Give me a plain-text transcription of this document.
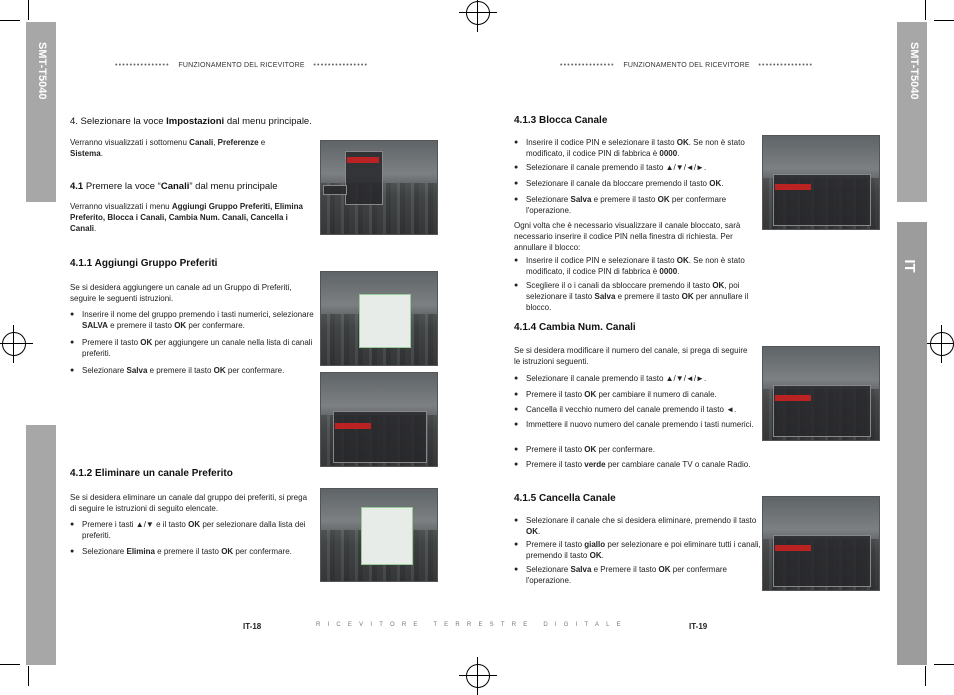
SMT-T5040
IT
••••••••••••••• FUNZIONAMENTO DEL RICEVITORE •••••••••••••••	••••••••••••••• FUNZIONAMENTO DEL RICEVITORE •••••••••••••••
4. Selezionare la voce Impostazioni dal menu principale.
Verranno visualizzati i sottomenu Canali, Preferenze e
Sistema.
4.1 Premere la voce “Canali” dal menu principale
Verranno visualizzati i menu Aggiungi Gruppo Preferiti, Elimina Preferito, Blocca i Canali, Cambia Num. Canali, Cancella i Canali.
4.1.1 Aggiungi Gruppo Preferiti
Se si desidera aggiungere un canale ad un Gruppo di Preferiti, seguire le seguenti istruzioni.
● Inserire il nome del gruppo premendo i tasti numerici, selezionare SALVA e premere il tasto OK per confermare.
● Premere il tasto OK per aggiungere un canale nella lista di canali preferiti.
● Selezionare Salva e premere il tasto OK per confermare.
4.1.2 Eliminare un canale Preferito
Se si desidera eliminare un canale dal gruppo dei preferiti, si prega di seguire le istruzioni di seguito elencate.
● Premere i tasti ▲/▼ e il tasto OK per selezionare dalla lista dei preferiti.
● Selezionare Elimina e premere il tasto OK per confermare.
IT-18	RICEVITORE TERRESTRE DIGITALE
4.1.3 Blocca Canale
● Inserire il codice PIN e selezionare il tasto OK. Se non è stato modificato, il codice PIN di fabbrica è 0000.
● Selezionare il canale premendo il tasto ▲/▼/◄/►.
● Selezionare il canale da bloccare premendo il tasto OK.
● Selezionare Salva e premere il tasto OK per confermare l'operazione.
Ogni volta che è necessario visualizzare il canale bloccato, sarà necessario inserire il codice PIN nella finestra di richiesta. Per annullare il blocco:
● Inserire il codice PIN e selezionare il tasto OK. Se non è stato modificato, il codice PIN di fabbrica è 0000.
● Scegliere il o i canali da sbloccare premendo il tasto OK, poi selezionare il tasto Salva e premere il tasto OK per annullare il blocco.
4.1.4 Cambia Num. Canali
Se si desidera modificare il numero del canale, si prega di seguire le istruzioni seguenti.
● Selezionare il canale premendo il tasto ▲/▼/◄/►.
● Premere il tasto OK per cambiare il numero di canale.
● Cancella il vecchio numero del canale premendo il tasto ◄.
● Immettere il nuovo numero del canale premendo i tasti numerici.
● Premere il tasto OK per confermare.
● Premere il tasto verde per cambiare canale TV o canale Radio.
4.1.5 Cancella Canale
● Selezionare il canale che si desidera eliminare, premendo il tasto OK.
● Premere il tasto giallo per selezionare e poi eliminare tutti i canali, premendo il tasto OK.
● Selezionare Salva e Premere il tasto OK per confermare l'operazione.
IT-19
